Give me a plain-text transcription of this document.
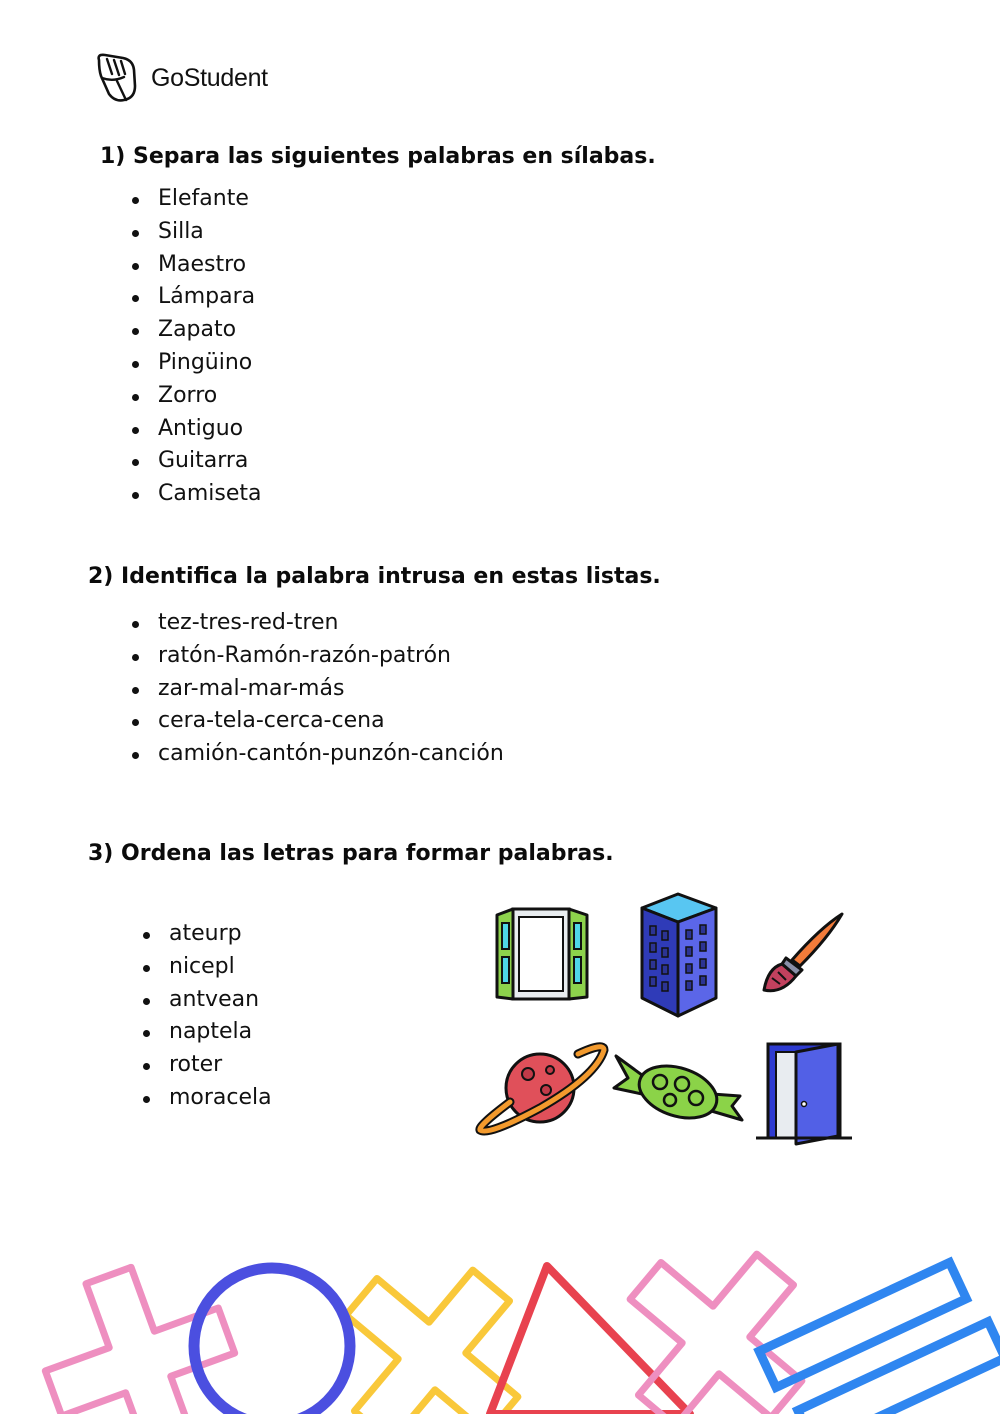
GoStudent
1) Separa las siguientes palabras en sílabas.
Elefante
Silla
Maestro
Lámpara
Zapato
Pingüino
Zorro
Antiguo
Guitarra
Camiseta
2) Identifica la palabra intrusa en estas listas.
tez-tres-red-tren
ratón-Ramón-razón-patrón
zar-mal-mar-más
cera-tela-cerca-cena
camión-cantón-punzón-canción
3) Ordena las letras para formar palabras.
ateurp
nicepl
antvean
naptela
roter
moracela
